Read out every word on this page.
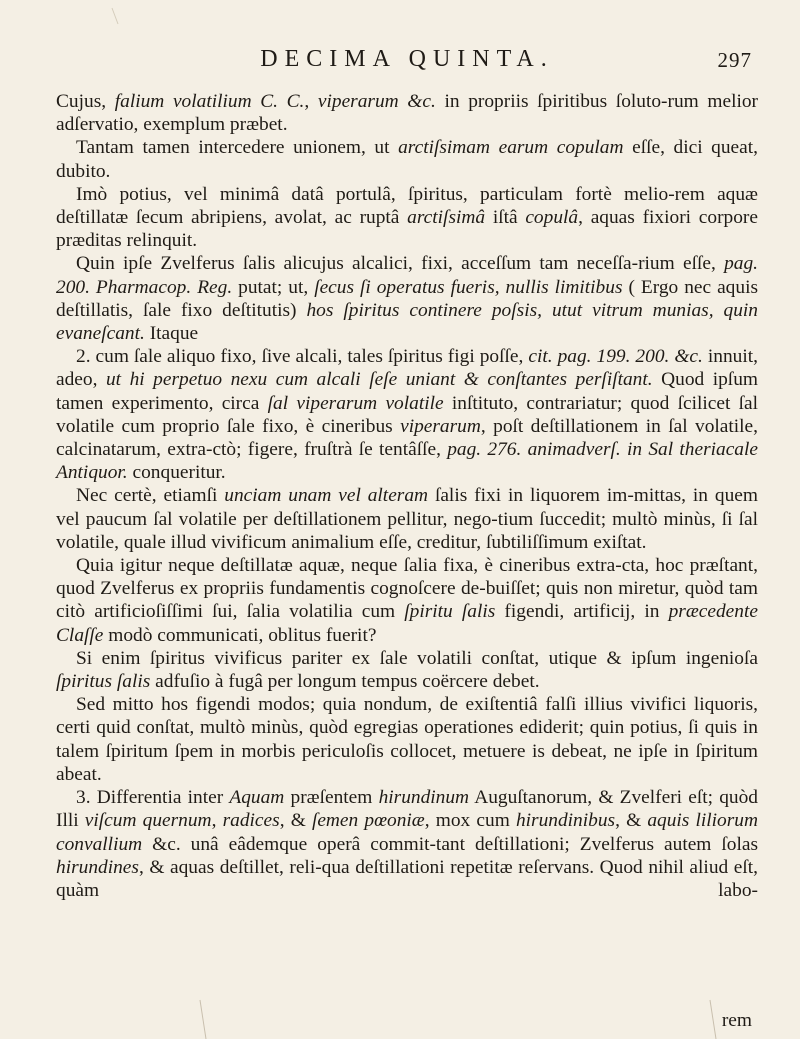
DECIMA QUINTA.	297

Cujus, falium volatilium C. C., viperarum &c. in propriis ſpiritibus ſoluto-rum melior adſervatio, exemplum præbet.

Tantam tamen intercedere unionem, ut arctiſsimam earum copulam eſſe, dici queat, dubito.

Imò potius, vel minimâ datâ portulâ, ſpiritus, particulam fortè melio-rem aquæ deſtillatæ ſecum abripiens, avolat, ac ruptâ arctiſsimâ iſtâ copulâ, aquas fixiori corpore præditas relinquit.

Quin ipſe Zvelferus ſalis alicujus alcalici, fixi, acceſſum tam neceſſa-rium eſſe, pag. 200. Pharmacop. Reg. putat; ut, ſecus ſi operatus fueris, nullis limitibus ( Ergo nec aquis deſtillatis, ſale fixo deſtitutis) hos ſpiritus continere poſsis, utut vitrum munias, quin evaneſcant. Itaque

2. cum ſale aliquo fixo, ſive alcali, tales ſpiritus figi poſſe, cit. pag. 199. 200. &c. innuit, adeo, ut hi perpetuo nexu cum alcali ſeſe uniant & conſtantes perſiſtant. Quod ipſum tamen experimento, circa ſal viperarum volatile inſtituto, contrariatur; quod ſcilicet ſal volatile cum proprio ſale fixo, è cineribus viperarum, poſt deſtillationem in ſal volatile, calcinatarum, extra-ctò; figere, fruſtrà ſe tentâſſe, pag. 276. animadverſ. in Sal theriacale Antiquor. conqueritur.

Nec certè, etiamſi unciam unam vel alteram ſalis fixi in liquorem im-mittas, in quem vel paucum ſal volatile per deſtillationem pellitur, nego-tium ſuccedit; multò minùs, ſi ſal volatile, quale illud vivificum animalium eſſe, creditur, ſubtiliſſimum exiſtat.

Quia igitur neque deſtillatæ aquæ, neque ſalia fixa, è cineribus extra-cta, hoc præſtant, quod Zvelferus ex propriis fundamentis cognoſcere de-buiſſet; quis non miretur, quòd tam citò artificioſiſſimi ſui, ſalia volatilia cum ſpiritu ſalis figendi, artificij, in præcedente Claſſe modò communicati, oblitus fuerit?

Si enim ſpiritus vivificus pariter ex ſale volatili conſtat, utique & ipſum ingenioſa ſpiritus ſalis adfuſio à fugâ per longum tempus coërcere debet.

Sed mitto hos figendi modos; quia nondum, de exiſtentiâ falſi illius vivifici liquoris, certi quid conſtat, multò minùs, quòd egregias operationes ediderit; quin potius, ſi quis in talem ſpiritum ſpem in morbis periculoſis collocet, metuere is debeat, ne ipſe in ſpiritum abeat.

3. Differentia inter Aquam præſentem hirundinum Auguſtanorum, & Zvelferi eſt; quòd Illi viſcum quernum, radices, & ſemen pœoniæ, mox cum hirundinibus, & aquis liliorum convallium &c. unâ eâdemque operâ commit-tant deſtillationi; Zvelferus autem ſolas hirundines, & aquas deſtillet, reli-qua deſtillationi repetitæ reſervans. Quod nihil aliud eſt, quàm labo-

rem
